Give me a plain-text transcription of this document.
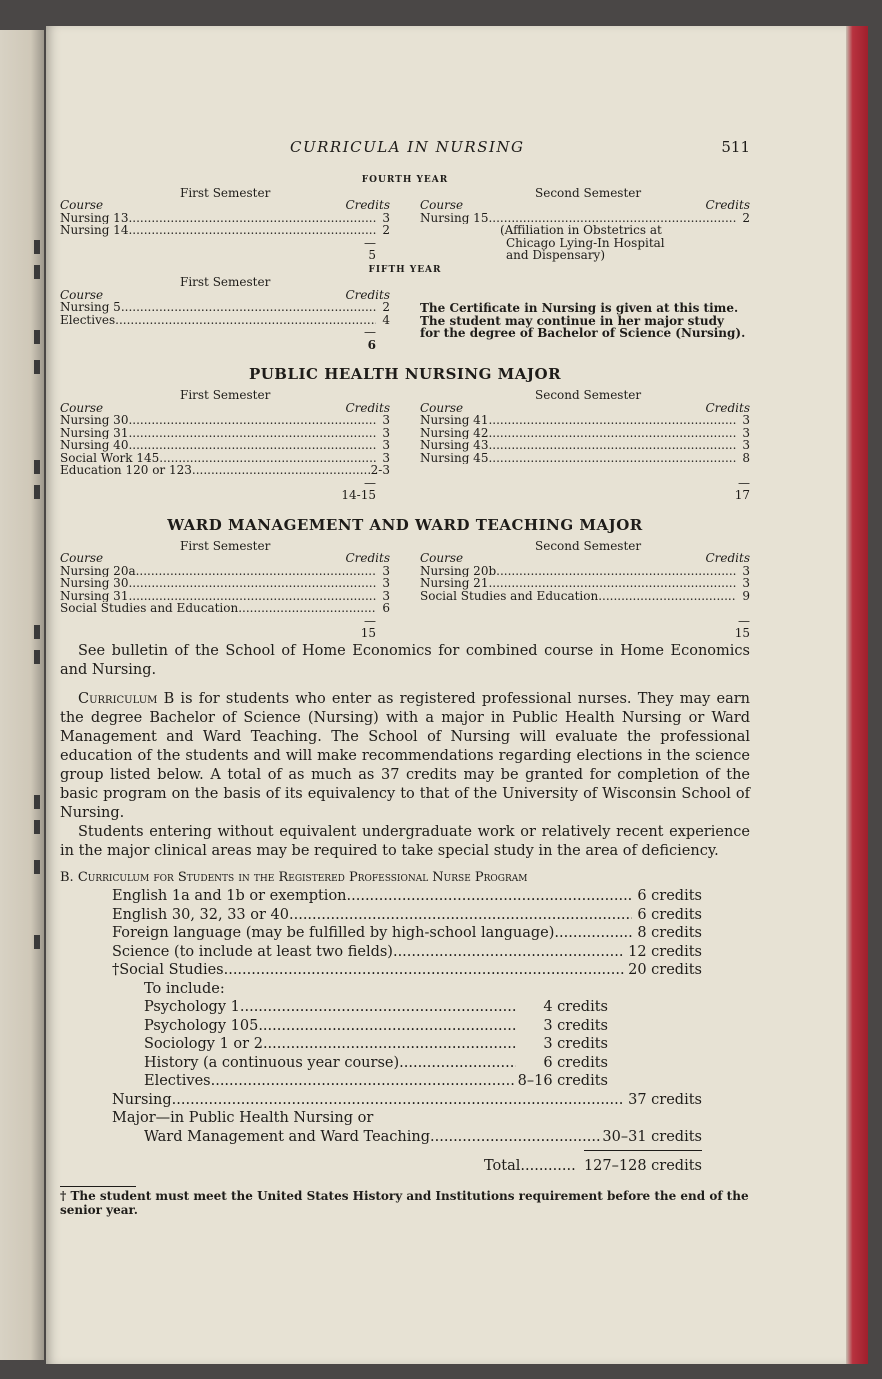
CURRICULA IN NURSING	511
FOURTH YEAR
First Semester
Course	Credits
Nursing 13 .....	3
Nursing 14 .....	2
—
5
Second Semester
Course	Credits
Nursing 15 .....	2
(Affiliation in Obstetrics at
Chicago Lying-In Hospital
and Dispensary)
FIFTH YEAR
First Semester
Course	Credits
Nursing 5 .....	2
Electives .....	4
—
6
The Certificate in Nursing is given at this time.
The student may continue in her major study
for the degree of Bachelor of Science (Nursing).
PUBLIC HEALTH NURSING MAJOR
First Semester
Course	Credits
Nursing 30 .....	3
Nursing 31 .....	3
Nursing 40 .....	3
Social Work 145 .....	3
Education 120 or 123 .....	2-3
—
14-15
Second Semester
Course	Credits
Nursing 41 .....	3
Nursing 42 .....	3
Nursing 43 .....	3
Nursing 45 .....	8
—
17
WARD MANAGEMENT AND WARD TEACHING MAJOR
First Semester
Course	Credits
Nursing 20a .....	3
Nursing 30 .....	3
Nursing 31 .....	3
Social Studies and Education .....	6
—
15
Second Semester
Course	Credits
Nursing 20b .....	3
Nursing 21 .....	3
Social Studies and Education .....	9
—
15

See bulletin of the School of Home Economics for combined course in Home Economics and Nursing.

Curriculum B is for students who enter as registered professional nurses. They may earn the degree Bachelor of Science (Nursing) with a major in Public Health Nursing or Ward Management and Ward Teaching. The School of Nursing will evaluate the professional education of the students and will make recommendations regarding elections in the science group listed below. A total of as much as 37 credits may be granted for completion of the basic program on the basis of its equivalency to that of the University of Wisconsin School of Nursing.

Students entering without equivalent undergraduate work or relatively recent experience in the major clinical areas may be required to take special study in the area of deficiency.

B. Curriculum for Students in the Registered Professional Nurse Program
English 1a and 1b or exemption .....	6 credits
English 30, 32, 33 or 40 .....	6 credits
Foreign language (may be fulfilled by high-school language) .....	8 credits
Science (to include at least two fields) .....	12 credits
†Social Studies .....	20 credits
To include:
Psychology 1 .....	4 credits
Psychology 105 .....	3 credits
Sociology 1 or 2 .....	3 credits
History (a continuous year course) .....	6 credits
Electives .....	8–16 credits
Nursing .....	37 credits
Major—in Public Health Nursing or
Ward Management and Ward Teaching .....	30–31 credits
Total .....	127–128 credits
† The student must meet the United States History and Institutions requirement before the end of the senior year.
